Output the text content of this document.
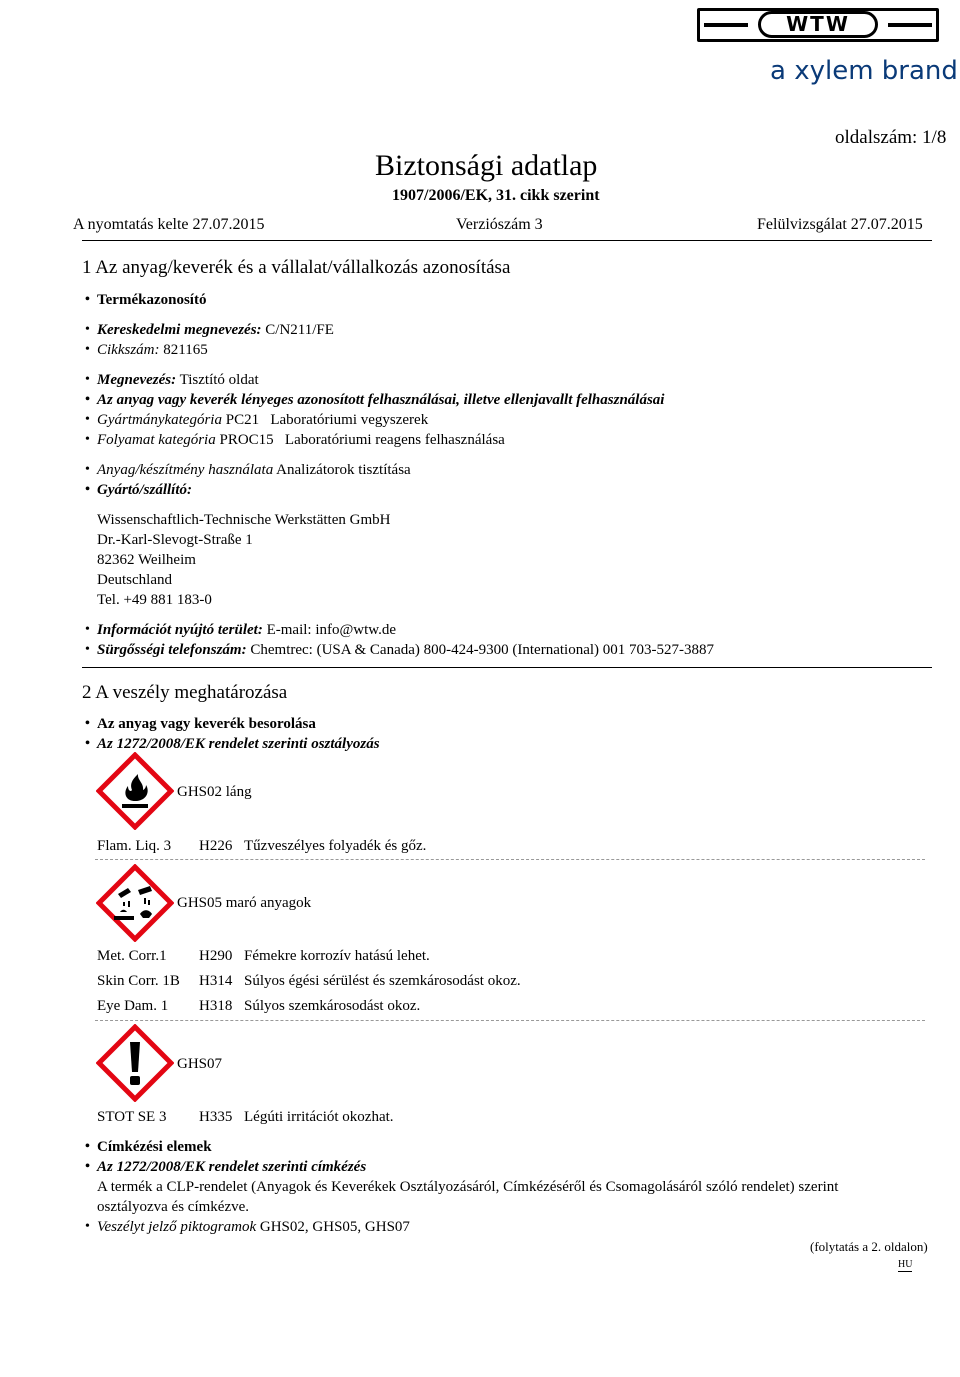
WTW
a xylem brand
oldalszám: 1/8
Biztonsági adatlap
1907/2006/EK, 31. cikk szerint
A nyomtatás kelte 27.07.2015	Verziószám 3	Felülvizsgálat 27.07.2015
1 Az anyag/keverék és a vállalat/vállalkozás azonosítása
• Termékazonosító
• Kereskedelmi megnevezés: C/N211/FE
• Cikkszám: 821165
• Megnevezés: Tisztító oldat
• Az anyag vagy keverék lényeges azonosított felhasználásai, illetve ellenjavallt felhasználásai
• Gyártmánykategória PC21 Laboratóriumi vegyszerek
• Folyamat kategória PROC15 Laboratóriumi reagens felhasználása
• Anyag/készítmény használata Analizátorok tisztítása
• Gyártó/szállító:
Wissenschaftlich-Technische Werkstätten GmbH
Dr.-Karl-Slevogt-Straße 1
82362 Weilheim
Deutschland
Tel. +49 881 183-0
• Információt nyújtó terület: E-mail: info@wtw.de
• Sürgősségi telefonszám: Chemtrec: (USA & Canada) 800-424-9300 (International) 001 703-527-3887
2 A veszély meghatározása
• Az anyag vagy keverék besorolása
• Az 1272/2008/EK rendelet szerinti osztályozás
GHS02 láng
Flam. Liq. 3 H226 Tűzveszélyes folyadék és gőz.
GHS05 maró anyagok
Met. Corr.1 H290 Fémekre korrozív hatású lehet.
Skin Corr. 1B H314 Súlyos égési sérülést és szemkárosodást okoz.
Eye Dam. 1 H318 Súlyos szemkárosodást okoz.
GHS07
STOT SE 3 H335 Légúti irritációt okozhat.
• Címkézési elemek
• Az 1272/2008/EK rendelet szerinti címkézés
A termék a CLP-rendelet (Anyagok és Keverékek Osztályozásáról, Címkézéséről és Csomagolásáról szóló rendelet) szerint
osztályozva és címkézve.
• Veszélyt jelző piktogramok GHS02, GHS05, GHS07
(folytatás a 2. oldalon)
HU
